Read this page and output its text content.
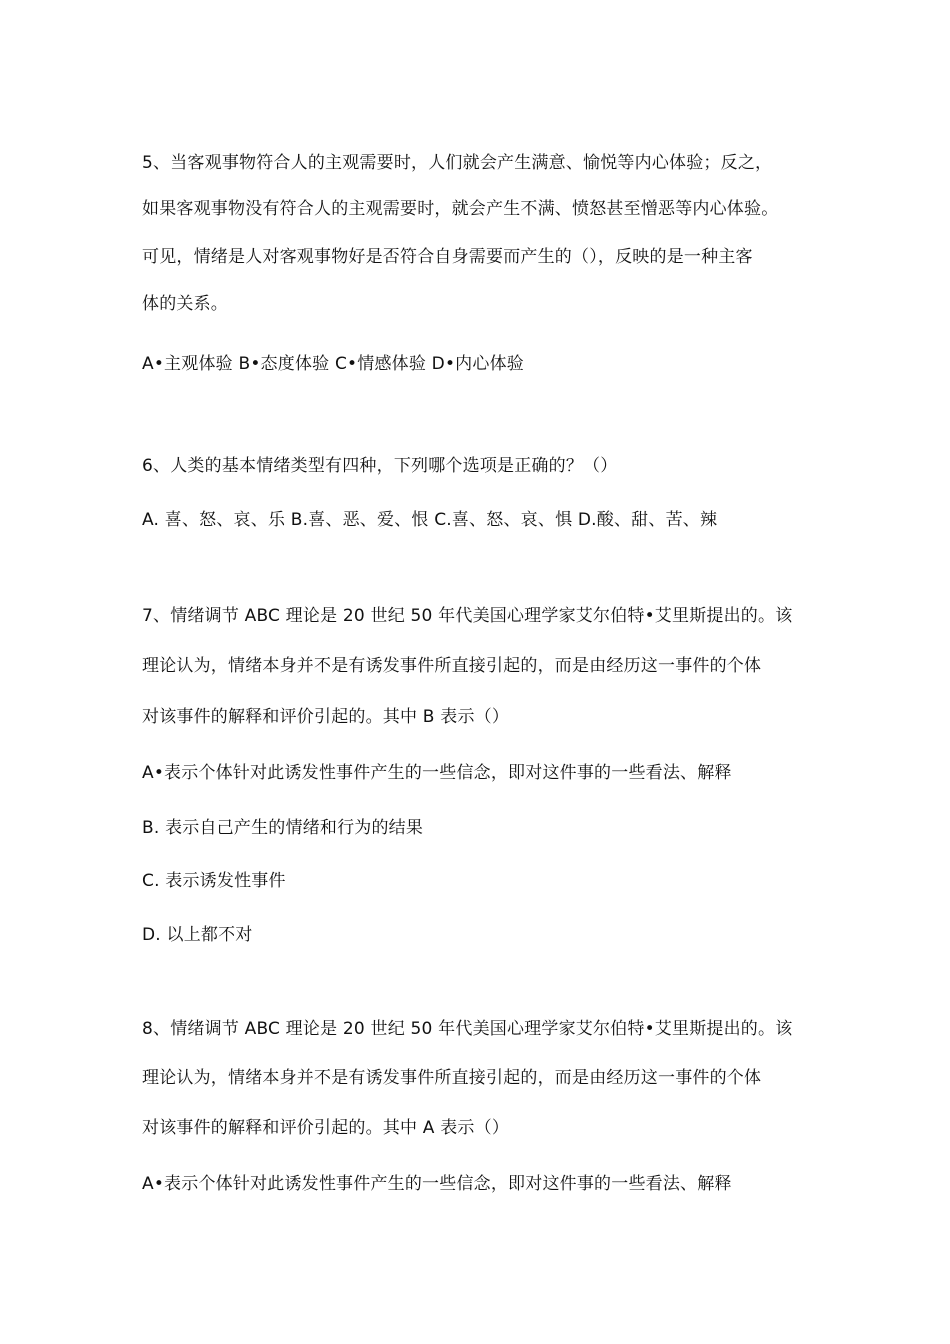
5、当客观事物符合人的主观需要时，人们就会产生满意、愉悦等内心体验；反之，
如果客观事物没有符合人的主观需要时，就会产生不满、愤怒甚至憎恶等内心体验。
可见，情绪是人对客观事物好是否符合自身需要而产生的（），反映的是一种主客
体的关系。
A•主观体验 B•态度体验 C•情感体验 D•内心体验
6、人类的基本情绪类型有四种，下列哪个选项是正确的？（）
A. 喜、怒、哀、乐 B.喜、恶、爱、恨 C.喜、怒、哀、惧 D.酸、甜、苦、辣
7、情绪调节 ABC 理论是 20 世纪 50 年代美国心理学家艾尔伯特•艾里斯提出的。该
理论认为，情绪本身并不是有诱发事件所直接引起的，而是由经历这一事件的个体
对该事件的解释和评价引起的。其中 B 表示（）
A•表示个体针对此诱发性事件产生的一些信念，即对这件事的一些看法、解释
B. 表示自己产生的情绪和行为的结果
C. 表示诱发性事件
D. 以上都不对
8、情绪调节 ABC 理论是 20 世纪 50 年代美国心理学家艾尔伯特•艾里斯提出的。该
理论认为，情绪本身并不是有诱发事件所直接引起的，而是由经历这一事件的个体
对该事件的解释和评价引起的。其中 A 表示（）
A•表示个体针对此诱发性事件产生的一些信念，即对这件事的一些看法、解释
